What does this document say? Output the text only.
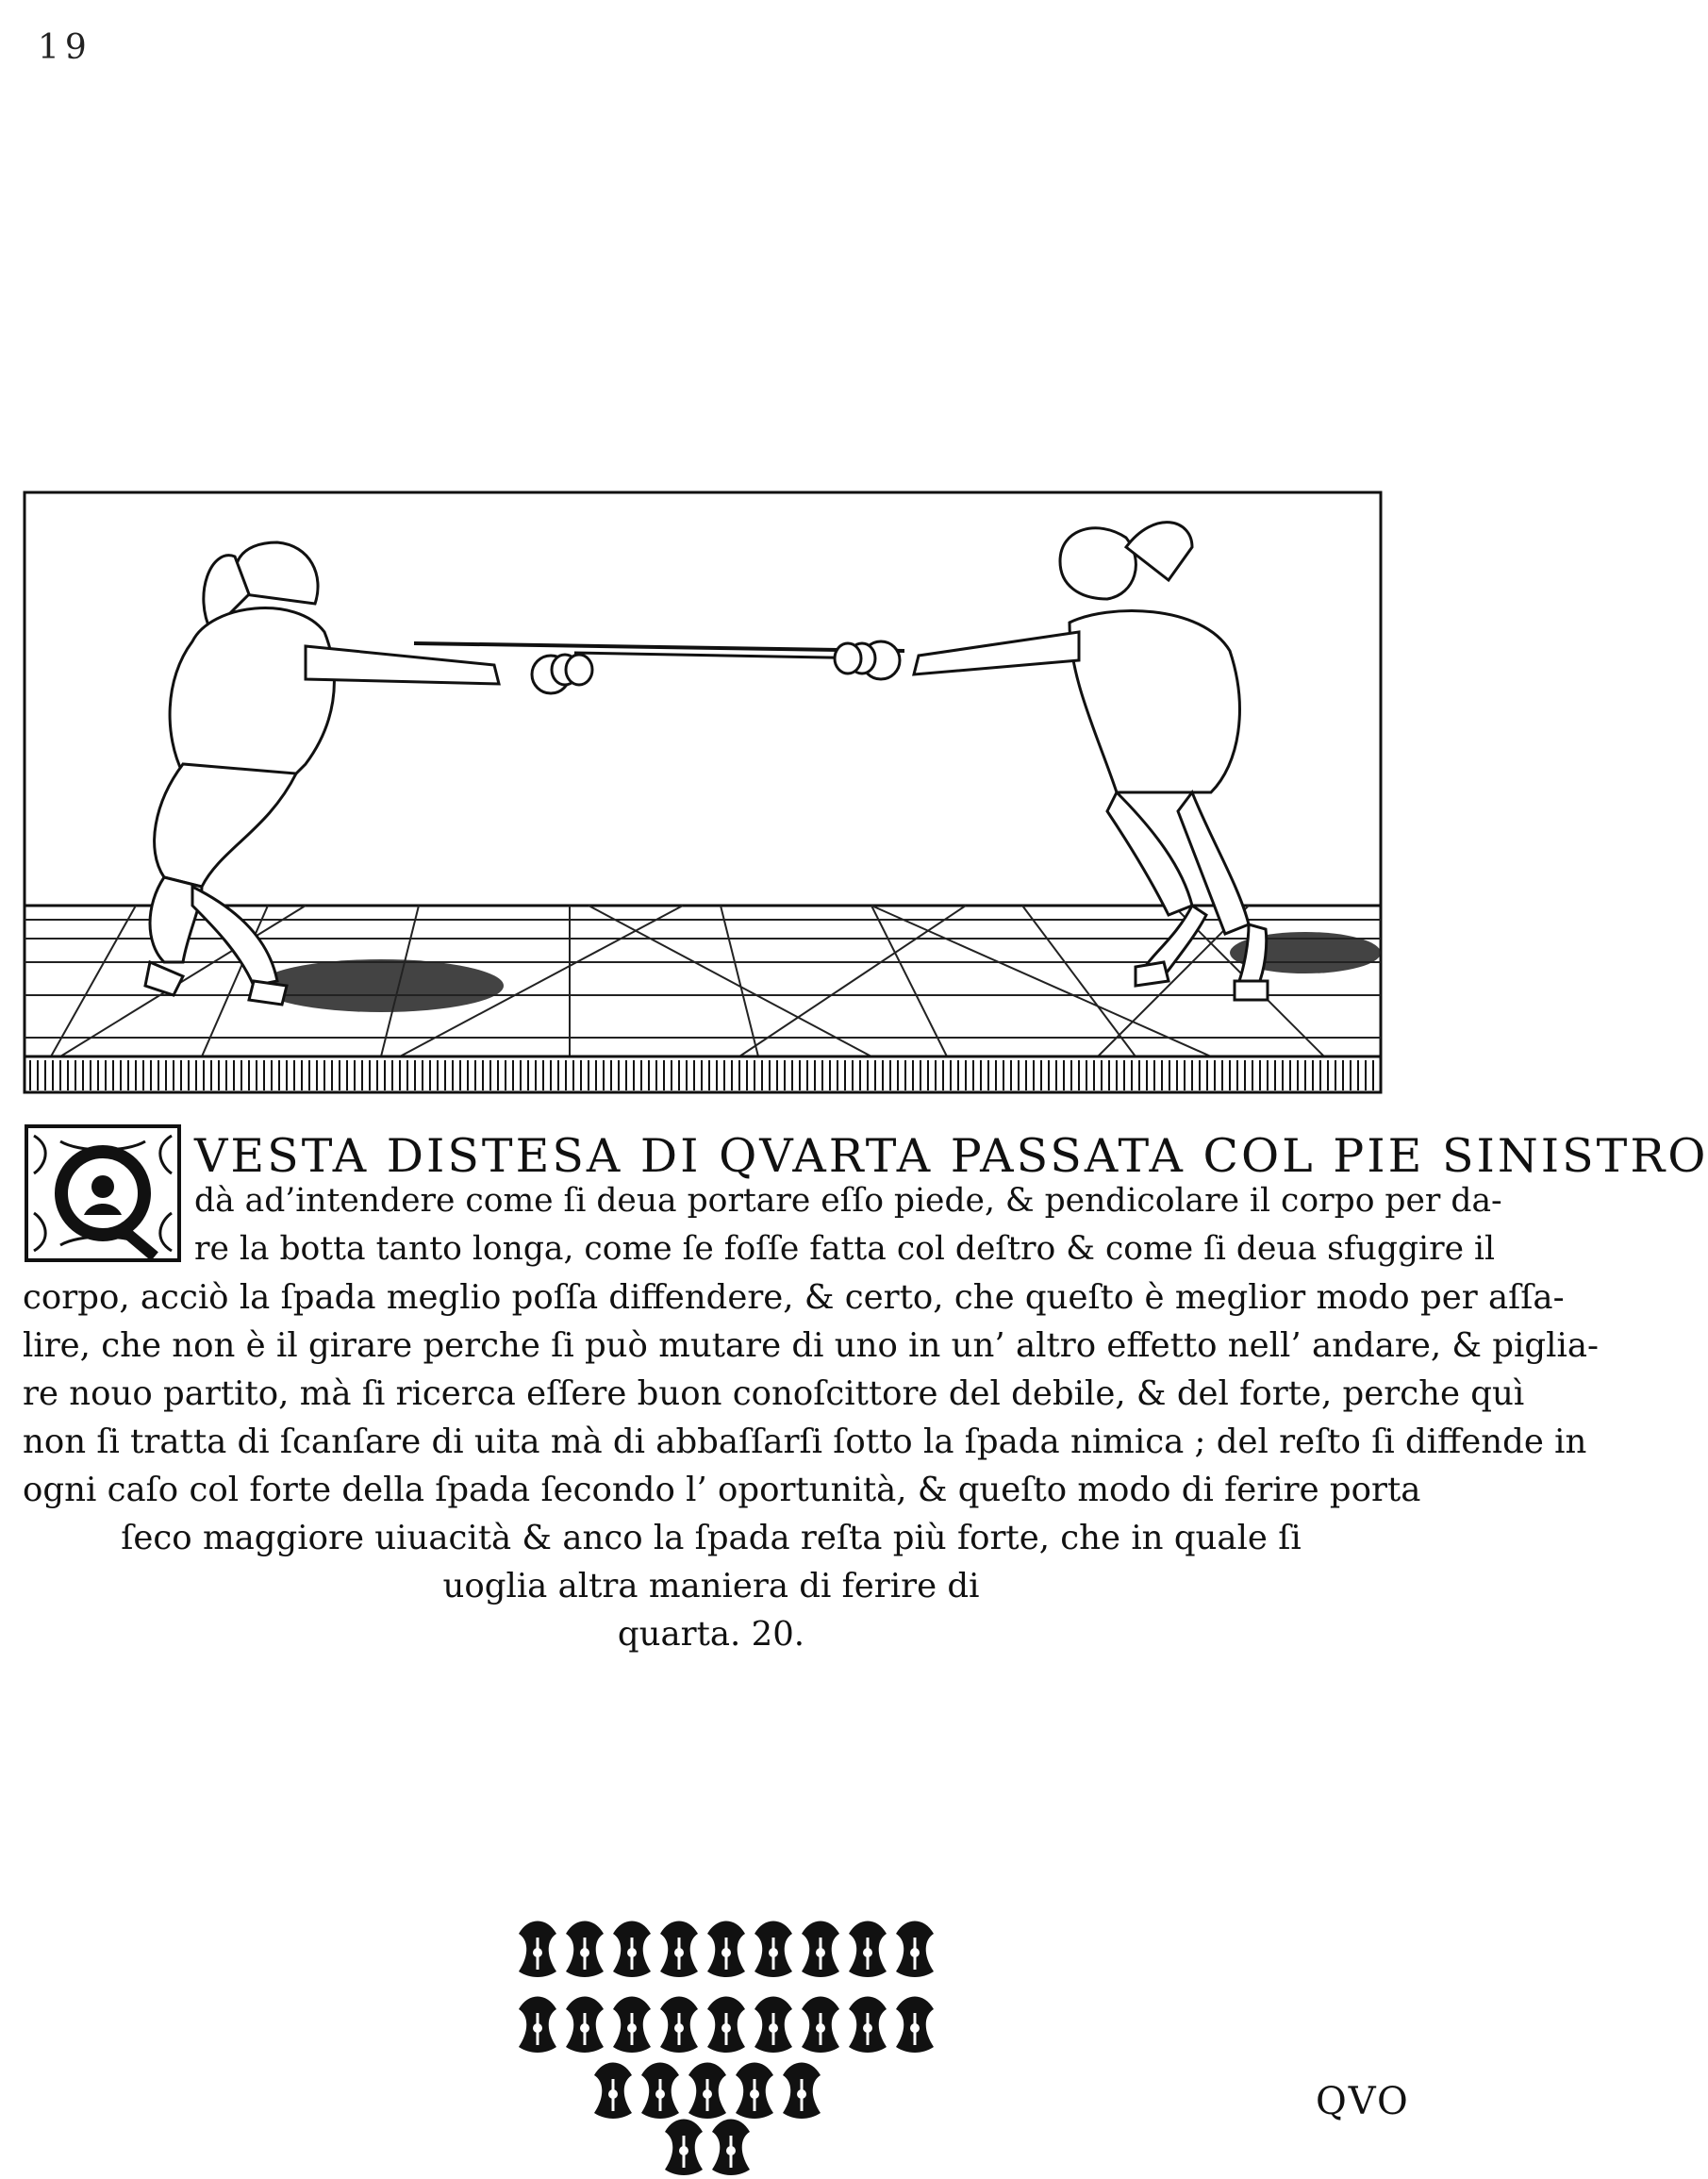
19
VESTA DISTESA DI QVARTA PASSATA COL PIE SINISTRO
dà ad’intendere come ſi deua portare eſſo piede, & pendicolare il corpo per da-
re la botta tanto longa, come ſe foſſe fatta col deſtro & come ſi deua sfuggire il
corpo, acciò la ſpada meglio poſſa diffendere, & certo, che queſto è meglior modo per aſſa-
lire, che non è il girare perche ſi può mutare di uno in un’ altro effetto nell’ andare, & piglia-
re nouo partito, mà ſi ricerca eſſere buon conoſcittore del debile, & del forte, perche quì
non ſi tratta di ſcanſare di uita mà di abbaſſarſi ſotto la ſpada nimica ; del reſto ſi diffende in
ogni caſo col forte della ſpada ſecondo l’ oportunità, & queſto modo di ferire porta
ſeco maggiore uiuacità & anco la ſpada reſta più forte, che in quale ſi
uoglia altra maniera di ferire di
quarta. 20.
QVO
